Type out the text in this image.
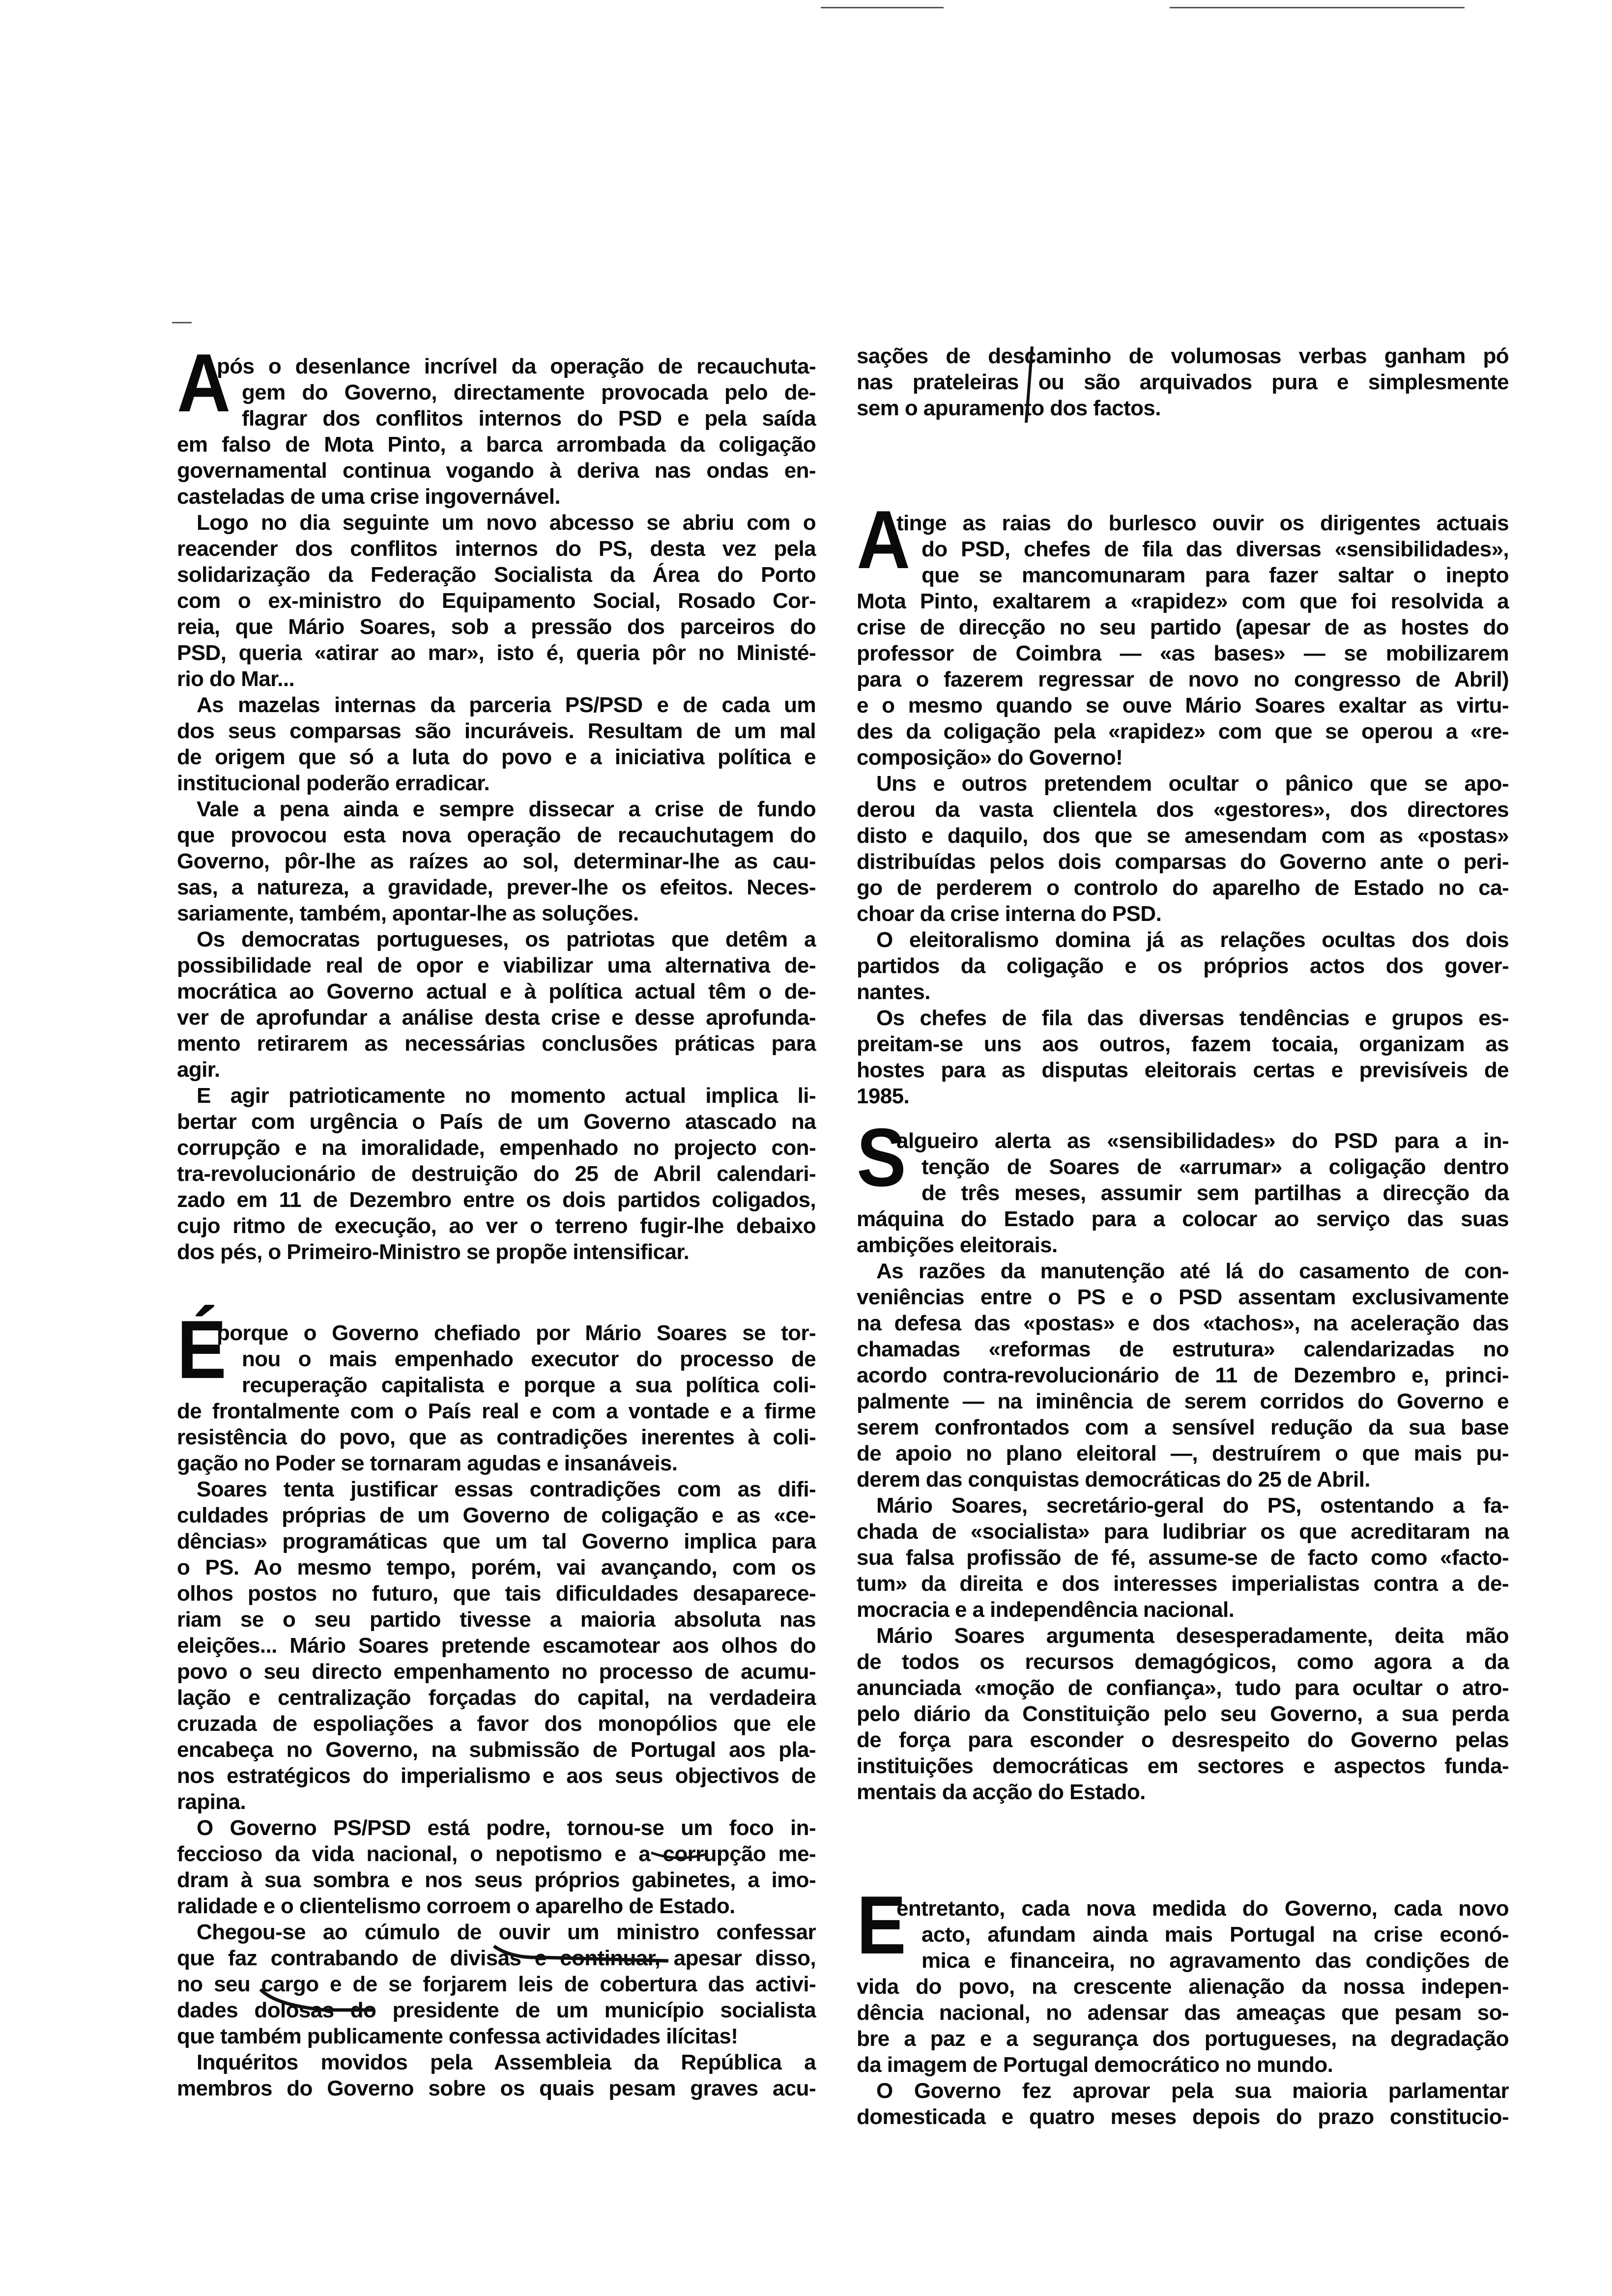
A
pós o desenlance incrível da operação de recauchuta-
gem do Governo, directamente provocada pelo de-
flagrar dos conflitos internos do PSD e pela saída
em falso de Mota Pinto, a barca arrombada da coligação
governamental continua vogando à deriva nas ondas en-
casteladas de uma crise ingovernável.
Logo no dia seguinte um novo abcesso se abriu com o
reacender dos conflitos internos do PS, desta vez pela
solidarização da Federação Socialista da Área do Porto
com o ex-ministro do Equipamento Social, Rosado Cor-
reia, que Mário Soares, sob a pressão dos parceiros do
PSD, queria «atirar ao mar», isto é, queria pôr no Ministé-
rio do Mar...
As mazelas internas da parceria PS/PSD e de cada um
dos seus comparsas são incuráveis. Resultam de um mal
de origem que só a luta do povo e a iniciativa política e
institucional poderão erradicar.
Vale a pena ainda e sempre dissecar a crise de fundo
que provocou esta nova operação de recauchutagem do
Governo, pôr-lhe as raízes ao sol, determinar-lhe as cau-
sas, a natureza, a gravidade, prever-lhe os efeitos. Neces-
sariamente, também, apontar-lhe as soluções.
Os democratas portugueses, os patriotas que detêm a
possibilidade real de opor e viabilizar uma alternativa de-
mocrática ao Governo actual e à política actual têm o de-
ver de aprofundar a análise desta crise e desse aprofunda-
mento retirarem as necessárias conclusões práticas para
agir.
E agir patrioticamente no momento actual implica li-
bertar com urgência o País de um Governo atascado na
corrupção e na imoralidade, empenhado no projecto con-
tra-revolucionário de destruição do 25 de Abril calendari-
zado em 11 de Dezembro entre os dois partidos coligados,
cujo ritmo de execução, ao ver o terreno fugir-lhe debaixo
dos pés, o Primeiro-Ministro se propõe intensificar.
É
porque o Governo chefiado por Mário Soares se tor-
nou o mais empenhado executor do processo de
recuperação capitalista e porque a sua política coli-
de frontalmente com o País real e com a vontade e a firme
resistência do povo, que as contradições inerentes à coli-
gação no Poder se tornaram agudas e insanáveis.
Soares tenta justificar essas contradições com as difi-
culdades próprias de um Governo de coligação e as «ce-
dências» programáticas que um tal Governo implica para
o PS. Ao mesmo tempo, porém, vai avançando, com os
olhos postos no futuro, que tais dificuldades desaparece-
riam se o seu partido tivesse a maioria absoluta nas
eleições... Mário Soares pretende escamotear aos olhos do
povo o seu directo empenhamento no processo de acumu-
lação e centralização forçadas do capital, na verdadeira
cruzada de espoliações a favor dos monopólios que ele
encabeça no Governo, na submissão de Portugal aos pla-
nos estratégicos do imperialismo e aos seus objectivos de
rapina.
O Governo PS/PSD está podre, tornou-se um foco in-
feccioso da vida nacional, o nepotismo e a corrupção me-
dram à sua sombra e nos seus próprios gabinetes, a imo-
ralidade e o clientelismo corroem o aparelho de Estado.
Chegou-se ao cúmulo de ouvir um ministro confessar
que faz contrabando de divisas e continuar, apesar disso,
no seu cargo e de se forjarem leis de cobertura das activi-
dades dolosas do presidente de um município socialista
que também publicamente confessa actividades ilícitas!
Inquéritos movidos pela Assembleia da República a
membros do Governo sobre os quais pesam graves acu-
sações de descaminho de volumosas verbas ganham pó
nas prateleiras ou são arquivados pura e simplesmente
sem o apuramento dos factos.
A
tinge as raias do burlesco ouvir os dirigentes actuais
do PSD, chefes de fila das diversas «sensibilidades»,
que se mancomunaram para fazer saltar o inepto
Mota Pinto, exaltarem a «rapidez» com que foi resolvida a
crise de direcção no seu partido (apesar de as hostes do
professor de Coimbra — «as bases» — se mobilizarem
para o fazerem regressar de novo no congresso de Abril)
e o mesmo quando se ouve Mário Soares exaltar as virtu-
des da coligação pela «rapidez» com que se operou a «re-
composição» do Governo!
Uns e outros pretendem ocultar o pânico que se apo-
derou da vasta clientela dos «gestores», dos directores
disto e daquilo, dos que se amesendam com as «postas»
distribuídas pelos dois comparsas do Governo ante o peri-
go de perderem o controlo do aparelho de Estado no ca-
choar da crise interna do PSD.
O eleitoralismo domina já as relações ocultas dos dois
partidos da coligação e os próprios actos dos gover-
nantes.
Os chefes de fila das diversas tendências e grupos es-
preitam-se uns aos outros, fazem tocaia, organizam as
hostes para as disputas eleitorais certas e previsíveis de
1985.
S
algueiro alerta as «sensibilidades» do PSD para a in-
tenção de Soares de «arrumar» a coligação dentro
de três meses, assumir sem partilhas a direcção da
máquina do Estado para a colocar ao serviço das suas
ambições eleitorais.
As razões da manutenção até lá do casamento de con-
veniências entre o PS e o PSD assentam exclusivamente
na defesa das «postas» e dos «tachos», na aceleração das
chamadas «reformas de estrutura» calendarizadas no
acordo contra-revolucionário de 11 de Dezembro e, princi-
palmente — na iminência de serem corridos do Governo e
serem confrontados com a sensível redução da sua base
de apoio no plano eleitoral —, destruírem o que mais pu-
derem das conquistas democráticas do 25 de Abril.
Mário Soares, secretário-geral do PS, ostentando a fa-
chada de «socialista» para ludibriar os que acreditaram na
sua falsa profissão de fé, assume-se de facto como «facto-
tum» da direita e dos interesses imperialistas contra a de-
mocracia e a independência nacional.
Mário Soares argumenta desesperadamente, deita mão
de todos os recursos demagógicos, como agora a da
anunciada «moção de confiança», tudo para ocultar o atro-
pelo diário da Constituição pelo seu Governo, a sua perda
de força para esconder o desrespeito do Governo pelas
instituições democráticas em sectores e aspectos funda-
mentais da acção do Estado.
E
entretanto, cada nova medida do Governo, cada novo
acto, afundam ainda mais Portugal na crise econó-
mica e financeira, no agravamento das condições de
vida do povo, na crescente alienação da nossa indepen-
dência nacional, no adensar das ameaças que pesam so-
bre a paz e a segurança dos portugueses, na degradação
da imagem de Portugal democrático no mundo.
O Governo fez aprovar pela sua maioria parlamentar
domesticada e quatro meses depois do prazo constitucio-
